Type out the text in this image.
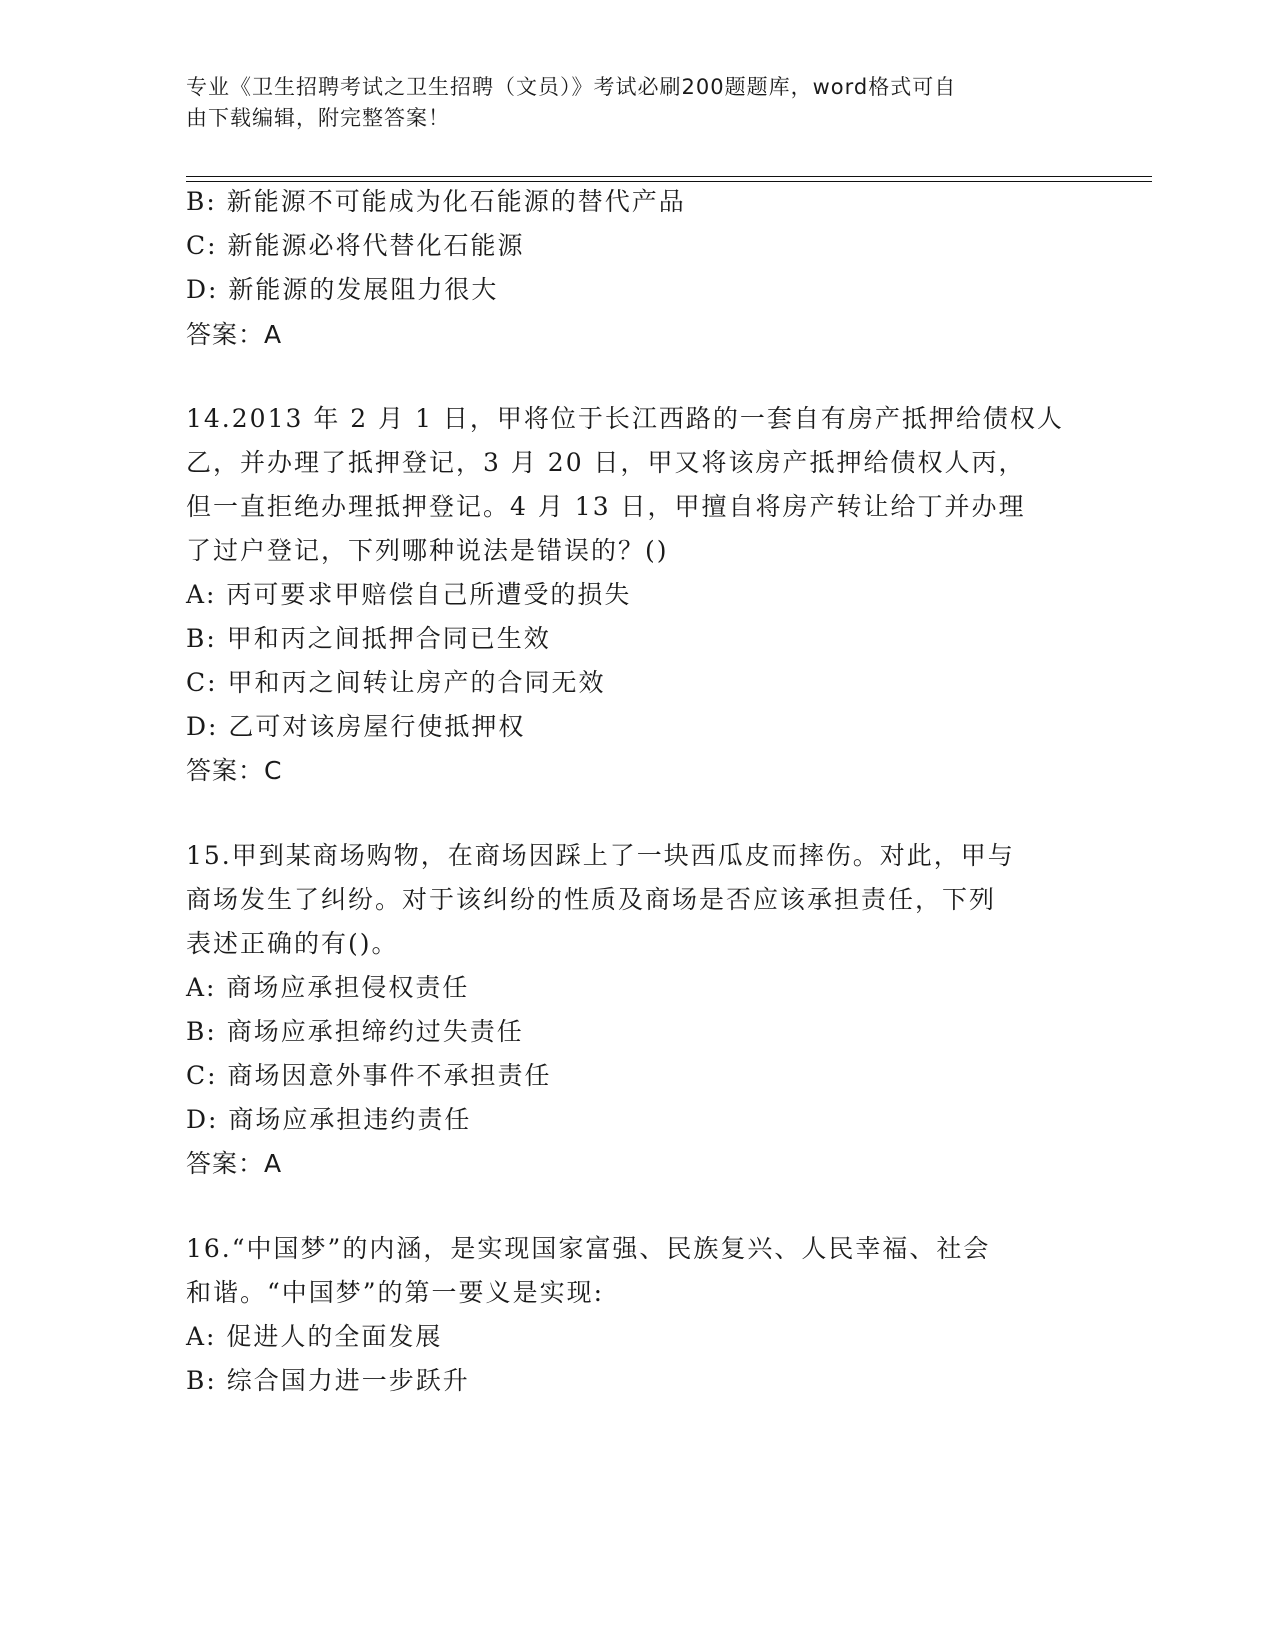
专业《卫生招聘考试之卫生招聘（文员）》考试必刷200题题库，word格式可自
由下载编辑，附完整答案！
B: 新能源不可能成为化石能源的替代产品
C: 新能源必将代替化石能源
D: 新能源的发展阻力很大
答案：A
14.2013 年 2 月 1 日，甲将位于长江西路的一套自有房产抵押给债权人
乙，并办理了抵押登记，3 月 20 日，甲又将该房产抵押给债权人丙，
但一直拒绝办理抵押登记。4 月 13 日，甲擅自将房产转让给丁并办理
了过户登记，下列哪种说法是错误的？()
A: 丙可要求甲赔偿自己所遭受的损失
B: 甲和丙之间抵押合同已生效
C: 甲和丙之间转让房产的合同无效
D: 乙可对该房屋行使抵押权
答案：C
15.甲到某商场购物，在商场因踩上了一块西瓜皮而摔伤。对此，甲与
商场发生了纠纷。对于该纠纷的性质及商场是否应该承担责任，下列
表述正确的有()。
A: 商场应承担侵权责任
B: 商场应承担缔约过失责任
C: 商场因意外事件不承担责任
D: 商场应承担违约责任
答案：A
16.“中国梦”的内涵，是实现国家富强、民族复兴、人民幸福、社会
和谐。“中国梦”的第一要义是实现:
A: 促进人的全面发展
B: 综合国力进一步跃升
